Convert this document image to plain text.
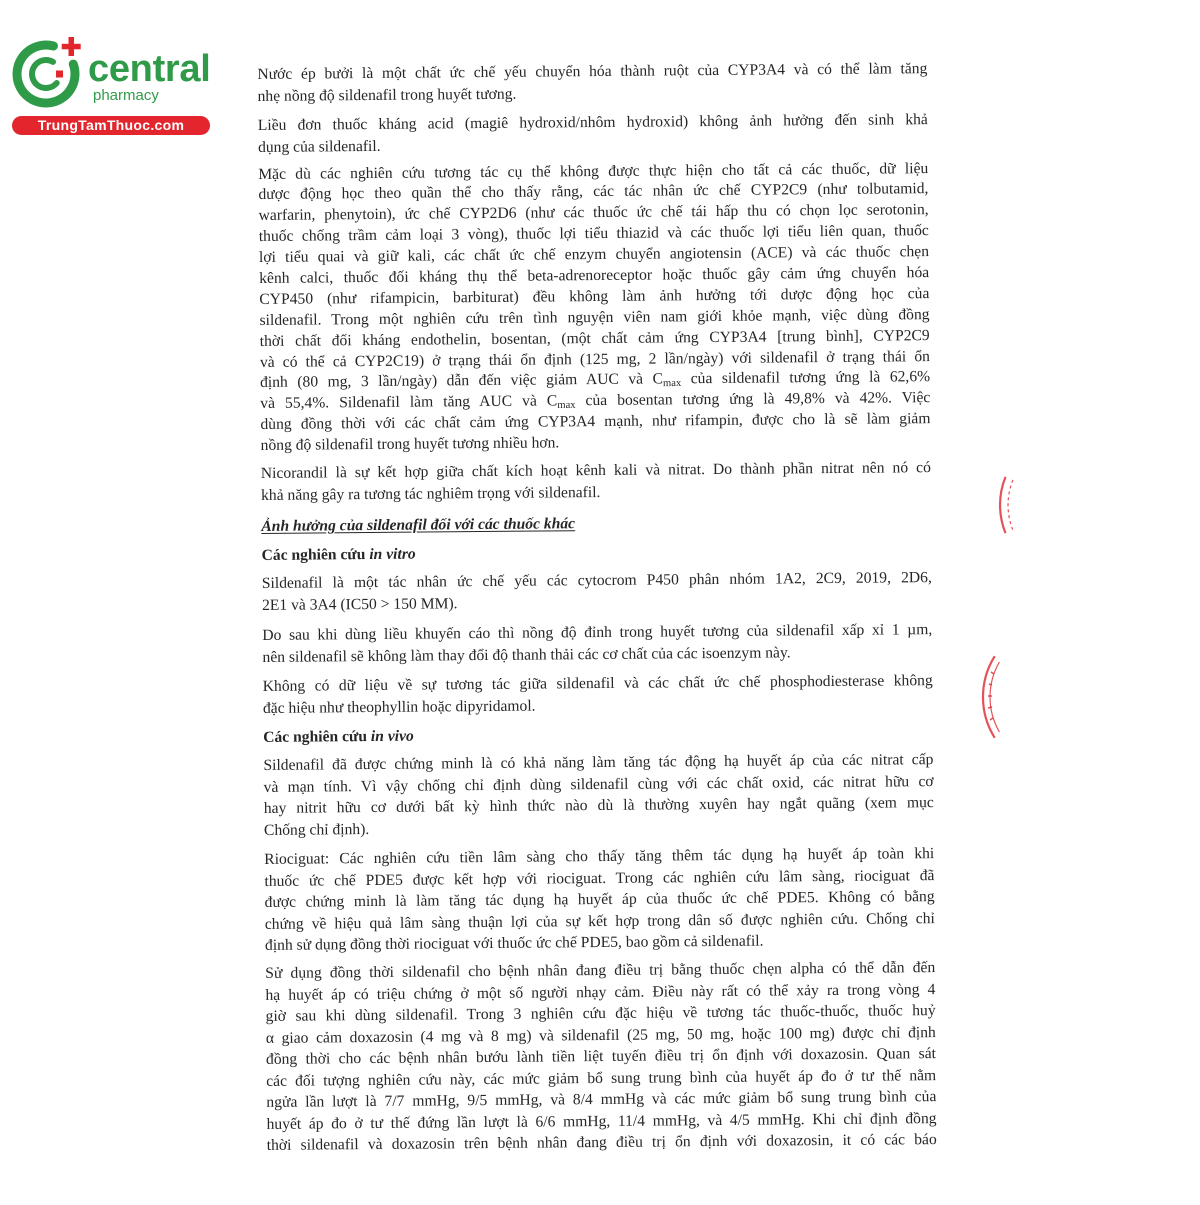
central
pharmacy
TrungTamThuoc.com
Nước ép bưởi là một chất ức chế yếu chuyển hóa thành ruột của CYP3A4 và có thể làm tăng
nhẹ nồng độ sildenafil trong huyết tương.
Liều đơn thuốc kháng acid (magiê hydroxid/nhôm hydroxid) không ảnh hưởng đến sinh khả
dụng của sildenafil.
Mặc dù các nghiên cứu tương tác cụ thể không được thực hiện cho tất cả các thuốc, dữ liệu
dược động học theo quần thể cho thấy rằng, các tác nhân ức chế CYP2C9 (như tolbutamid,
warfarin, phenytoin), ức chế CYP2D6 (như các thuốc ức chế tái hấp thu có chọn lọc serotonin,
thuốc chống trầm cảm loại 3 vòng), thuốc lợi tiểu thiazid và các thuốc lợi tiểu liên quan, thuốc
lợi tiểu quai và giữ kali, các chất ức chế enzym chuyển angiotensin (ACE) và các thuốc chẹn
kênh calci, thuốc đối kháng thụ thể beta-adrenoreceptor hoặc thuốc gây cảm ứng chuyển hóa
CYP450 (như rifampicin, barbiturat) đều không làm ảnh hưởng tới dược động học của
sildenafil. Trong một nghiên cứu trên tình nguyện viên nam giới khỏe mạnh, việc dùng đồng
thời chất đối kháng endothelin, bosentan, (một chất cảm ứng CYP3A4 [trung bình], CYP2C9
và có thể cả CYP2C19) ở trạng thái ổn định (125 mg, 2 lần/ngày) với sildenafil ở trạng thái ổn
định (80 mg, 3 lần/ngày) dẫn đến việc giảm AUC và $C_{max}$ của sildenafil tương ứng là 62,6%
và 55,4%. Sildenafil làm tăng AUC và $C_{max}$ của bosentan tương ứng là 49,8% và 42%. Việc
dùng đồng thời với các chất cảm ứng CYP3A4 mạnh, như rifampin, được cho là sẽ làm giảm
nồng độ sildenafil trong huyết tương nhiều hơn.
Nicorandil là sự kết hợp giữa chất kích hoạt kênh kali và nitrat. Do thành phần nitrat nên nó có
khả năng gây ra tương tác nghiêm trọng với sildenafil.
Ảnh hưởng của sildenafil đối với các thuốc khác
Các nghiên cứu in vitro
Sildenafil là một tác nhân ức chế yếu các cytocrom P450 phân nhóm 1A2, 2C9, 2019, 2D6,
2E1 và 3A4 (IC50 > 150 MM).
Do sau khi dùng liều khuyến cáo thì nồng độ đỉnh trong huyết tương của sildenafil xấp xỉ 1 µm,
nên sildenafil sẽ không làm thay đổi độ thanh thải các cơ chất của các isoenzym này.
Không có dữ liệu về sự tương tác giữa sildenafil và các chất ức chế phosphodiesterase không
đặc hiệu như theophyllin hoặc dipyridamol.
Các nghiên cứu in vivo
Sildenafil đã được chứng minh là có khả năng làm tăng tác động hạ huyết áp của các nitrat cấp
và mạn tính. Vì vậy chống chỉ định dùng sildenafil cùng với các chất oxid, các nitrat hữu cơ
hay nitrit hữu cơ dưới bất kỳ hình thức nào dù là thường xuyên hay ngắt quãng (xem mục
Chống chỉ định).
Riociguat: Các nghiên cứu tiền lâm sàng cho thấy tăng thêm tác dụng hạ huyết áp toàn khi
thuốc ức chế PDE5 được kết hợp với riociguat. Trong các nghiên cứu lâm sàng, riociguat đã
được chứng minh là làm tăng tác dụng hạ huyết áp của thuốc ức chế PDE5. Không có bằng
chứng về hiệu quả lâm sàng thuận lợi của sự kết hợp trong dân số được nghiên cứu. Chống chỉ
định sử dụng đồng thời riociguat với thuốc ức chế PDE5, bao gồm cả sildenafil.
Sử dụng đồng thời sildenafil cho bệnh nhân đang điều trị bằng thuốc chẹn alpha có thể dẫn đến
hạ huyết áp có triệu chứng ở một số người nhạy cảm. Điều này rất có thể xảy ra trong vòng 4
giờ sau khi dùng sildenafil. Trong 3 nghiên cứu đặc hiệu về tương tác thuốc-thuốc, thuốc huỷ
α giao cảm doxazosin (4 mg và 8 mg) và sildenafil (25 mg, 50 mg, hoặc 100 mg) được chỉ định
đồng thời cho các bệnh nhân bướu lành tiền liệt tuyến điều trị ổn định với doxazosin. Quan sát
các đối tượng nghiên cứu này, các mức giảm bổ sung trung bình của huyết áp đo ở tư thế nằm
ngửa lần lượt là 7/7 mmHg, 9/5 mmHg, và 8/4 mmHg và các mức giảm bổ sung trung bình của
huyết áp đo ở tư thế đứng lần lượt là 6/6 mmHg, 11/4 mmHg, và 4/5 mmHg. Khi chỉ định đồng
thời sildenafil và doxazosin trên bệnh nhân đang điều trị ổn định với doxazosin, it có các báo
